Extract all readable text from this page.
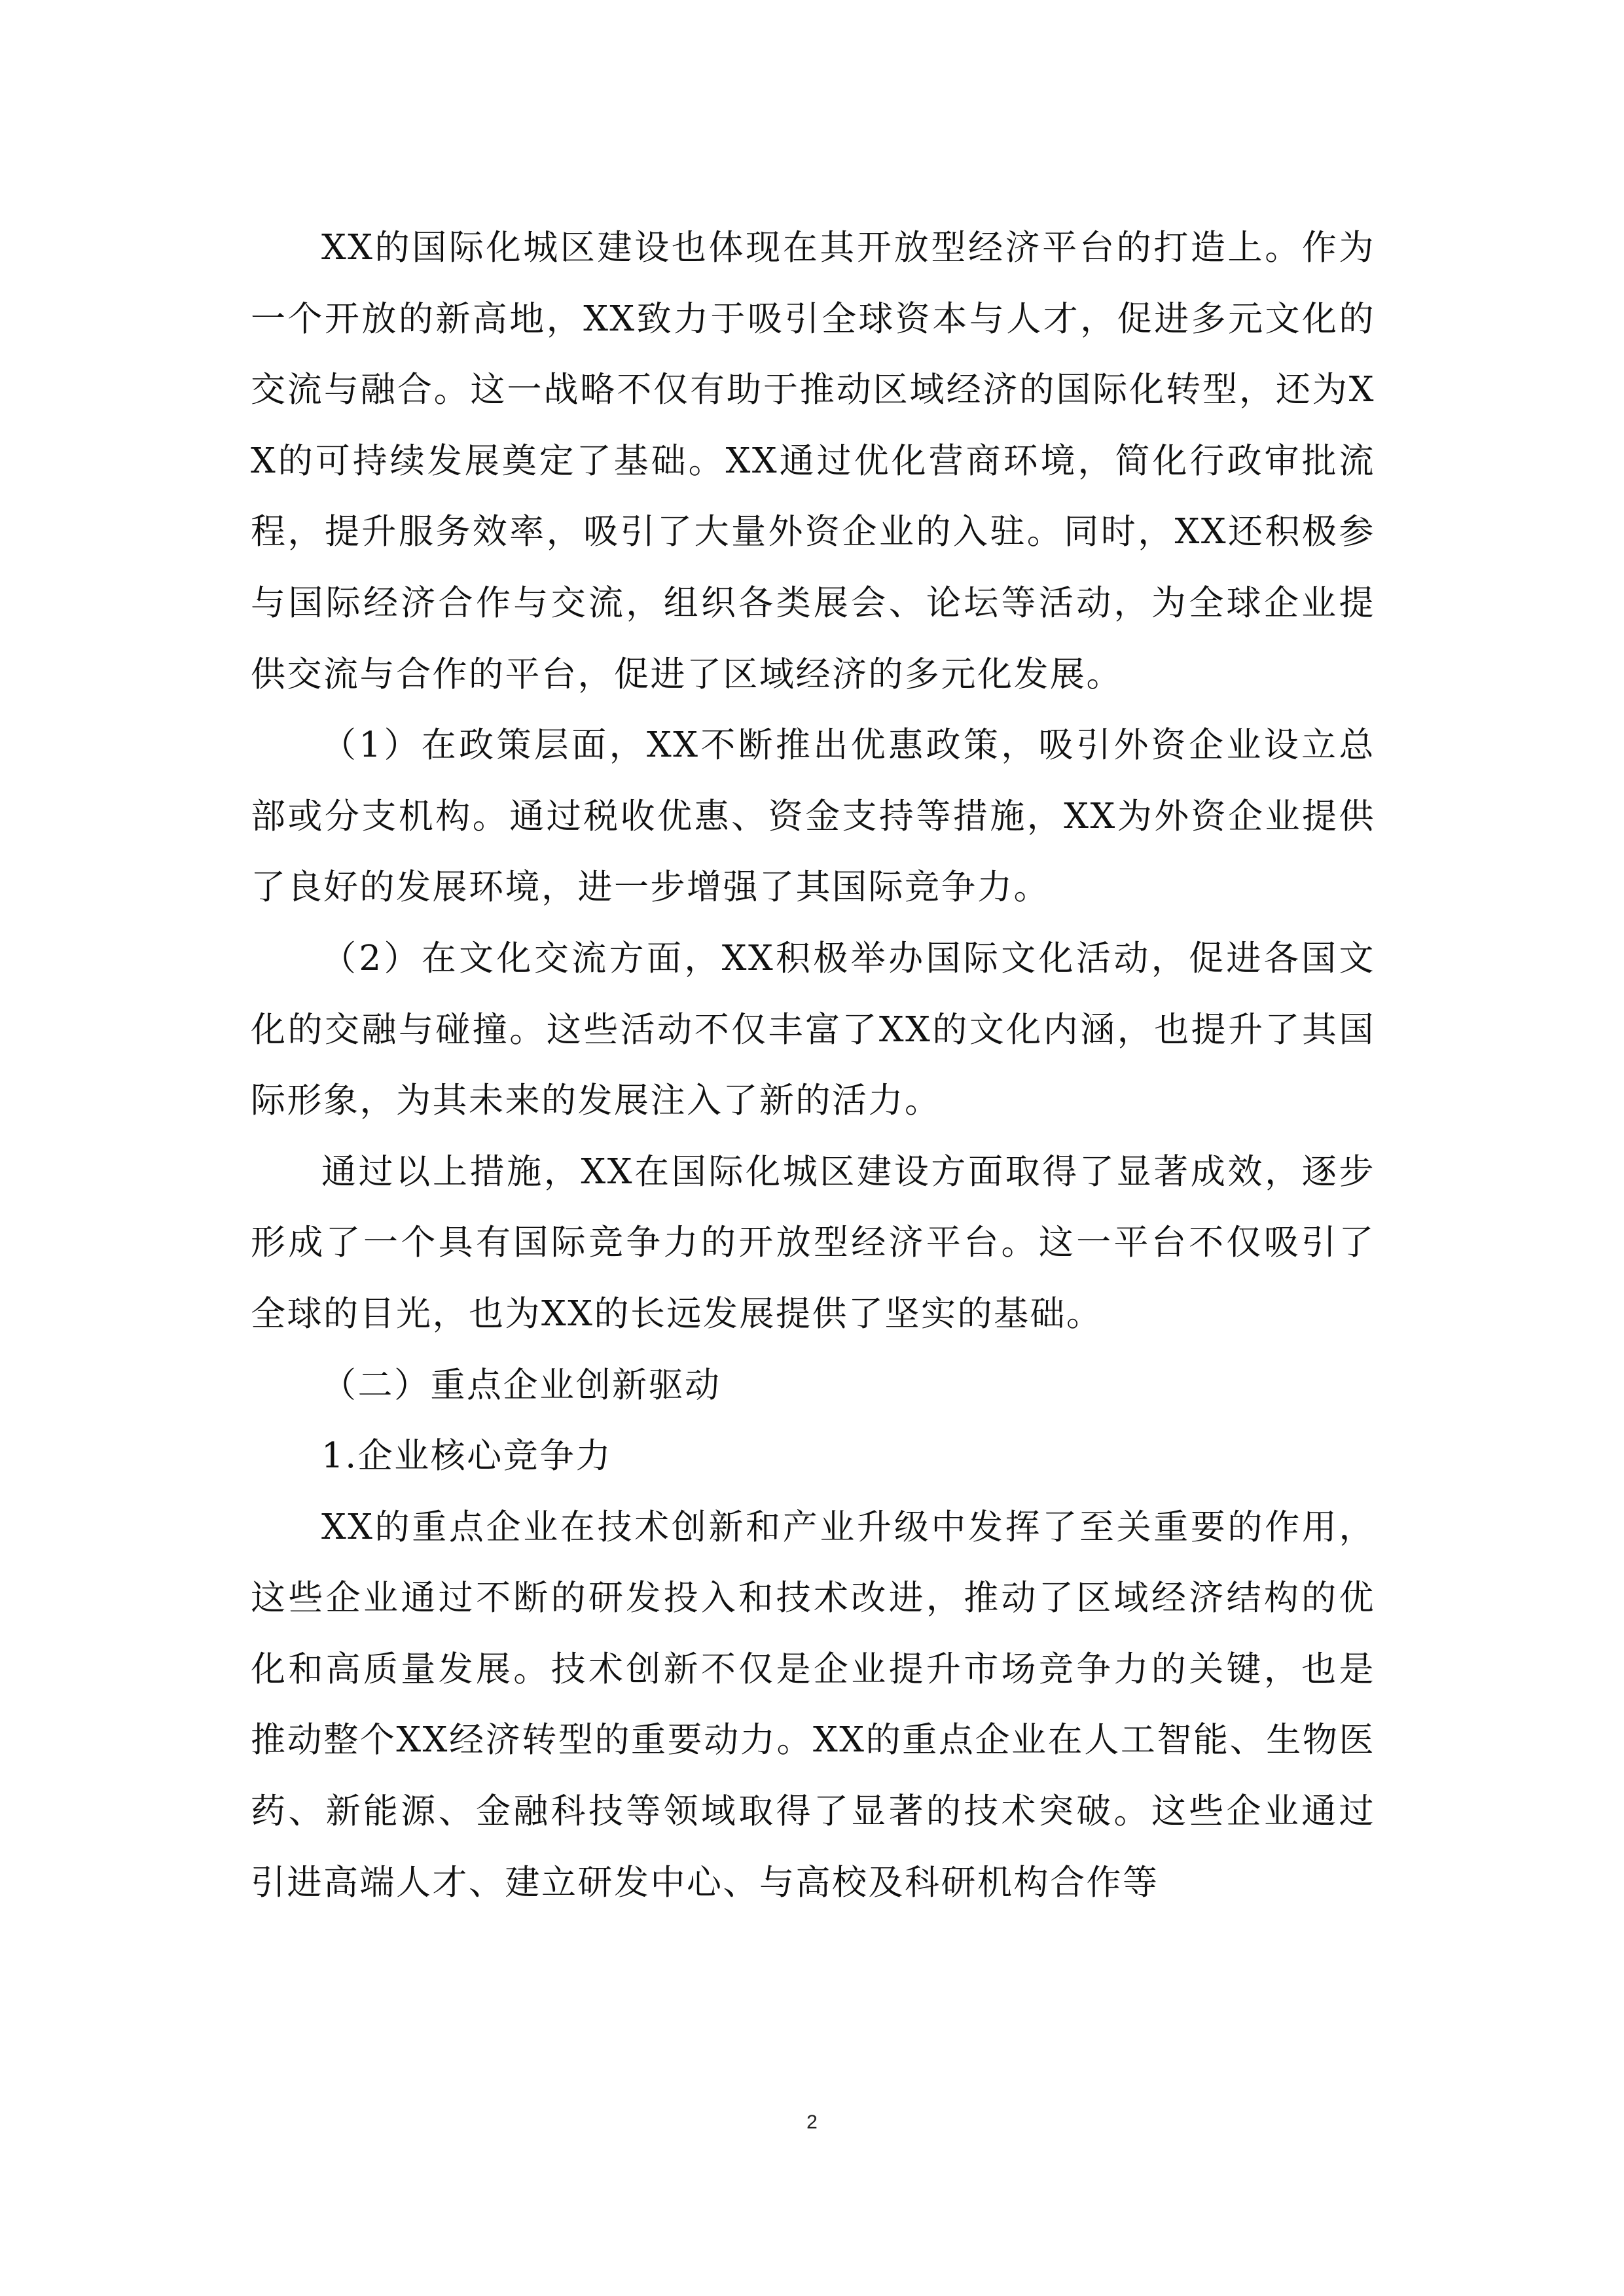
XX的国际化城区建设也体现在其开放型经济平台的打造上。作为一个开放的新高地，XX致力于吸引全球资本与人才，促进多元文化的交流与融合。这一战略不仅有助于推动区域经济的国际化转型，还为XX的可持续发展奠定了基础。XX通过优化营商环境，简化行政审批流程，提升服务效率，吸引了大量外资企业的入驻。同时，XX还积极参与国际经济合作与交流，组织各类展会、论坛等活动，为全球企业提供交流与合作的平台，促进了区域经济的多元化发展。

（1）在政策层面，XX不断推出优惠政策，吸引外资企业设立总部或分支机构。通过税收优惠、资金支持等措施，XX为外资企业提供了良好的发展环境，进一步增强了其国际竞争力。

（2）在文化交流方面，XX积极举办国际文化活动，促进各国文化的交融与碰撞。这些活动不仅丰富了XX的文化内涵，也提升了其国际形象，为其未来的发展注入了新的活力。

通过以上措施，XX在国际化城区建设方面取得了显著成效，逐步形成了一个具有国际竞争力的开放型经济平台。这一平台不仅吸引了全球的目光，也为XX的长远发展提供了坚实的基础。

（二）重点企业创新驱动

1.企业核心竞争力

XX的重点企业在技术创新和产业升级中发挥了至关重要的作用，这些企业通过不断的研发投入和技术改进，推动了区域经济结构的优化和高质量发展。技术创新不仅是企业提升市场竞争力的关键，也是推动整个XX经济转型的重要动力。XX的重点企业在人工智能、生物医药、新能源、金融科技等领域取得了显著的技术突破。这些企业通过引进高端人才、建立研发中心、与高校及科研机构合作等

2
